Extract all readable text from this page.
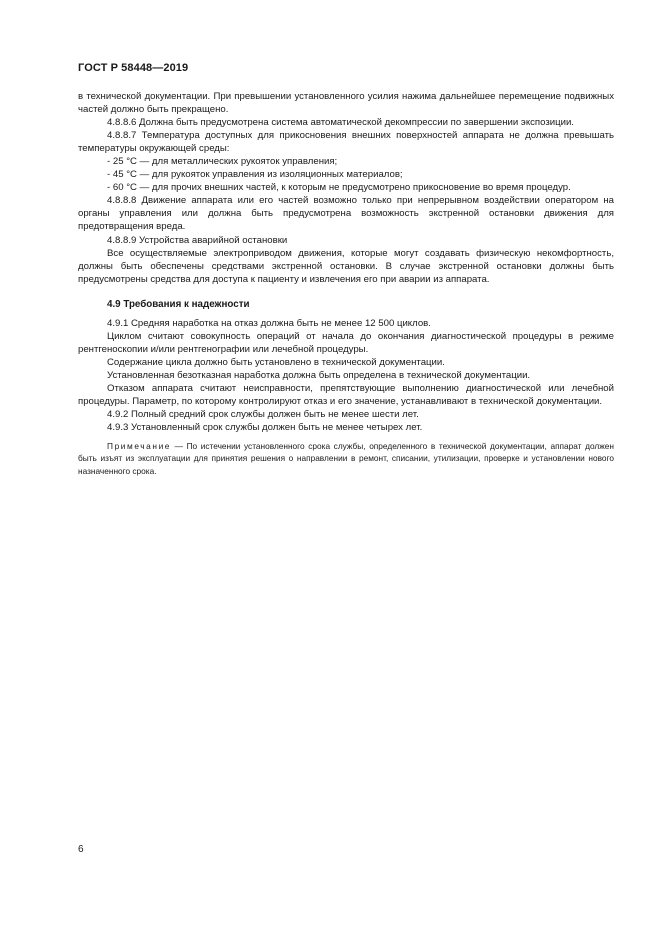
ГОСТ Р 58448—2019

в технической документации. При превышении установленного усилия нажима дальнейшее перемещение подвижных частей должно быть прекращено.

4.8.8.6 Должна быть предусмотрена система автоматической декомпрессии по завершении экспозиции.

4.8.8.7 Температура доступных для прикосновения внешних поверхностей аппарата не должна превышать температуры окружающей среды:

- 25 °С — для металлических рукояток управления;

- 45 °С — для рукояток управления из изоляционных материалов;

- 60 °С — для прочих внешних частей, к которым не предусмотрено прикосновение во время процедур.

4.8.8.8 Движение аппарата или его частей возможно только при непрерывном воздействии оператором на органы управления или должна быть предусмотрена возможность экстренной остановки движения для предотвращения вреда.

4.8.8.9 Устройства аварийной остановки

Все осуществляемые электроприводом движения, которые могут создавать физическую некомфортность, должны быть обеспечены средствами экстренной остановки. В случае экстренной остановки должны быть предусмотрены средства для доступа к пациенту и извлечения его при аварии из аппарата.

4.9 Требования к надежности

4.9.1 Средняя наработка на отказ должна быть не менее 12 500 циклов.

Циклом считают совокупность операций от начала до окончания диагностической процедуры в режиме рентгеноскопии и/или рентгенографии или лечебной процедуры.

Содержание цикла должно быть установлено в технической документации.

Установленная безотказная наработка должна быть определена в технической документации.

Отказом аппарата считают неисправности, препятствующие выполнению диагностической или лечебной процедуры. Параметр, по которому контролируют отказ и его значение, устанавливают в технической документации.

4.9.2 Полный средний срок службы должен быть не менее шести лет.

4.9.3 Установленный срок службы должен быть не менее четырех лет.

Примечание — По истечении установленного срока службы, определенного в технической документации, аппарат должен быть изъят из эксплуатации для принятия решения о направлении в ремонт, списании, утилизации, проверке и установлении нового назначенного срока.

6
